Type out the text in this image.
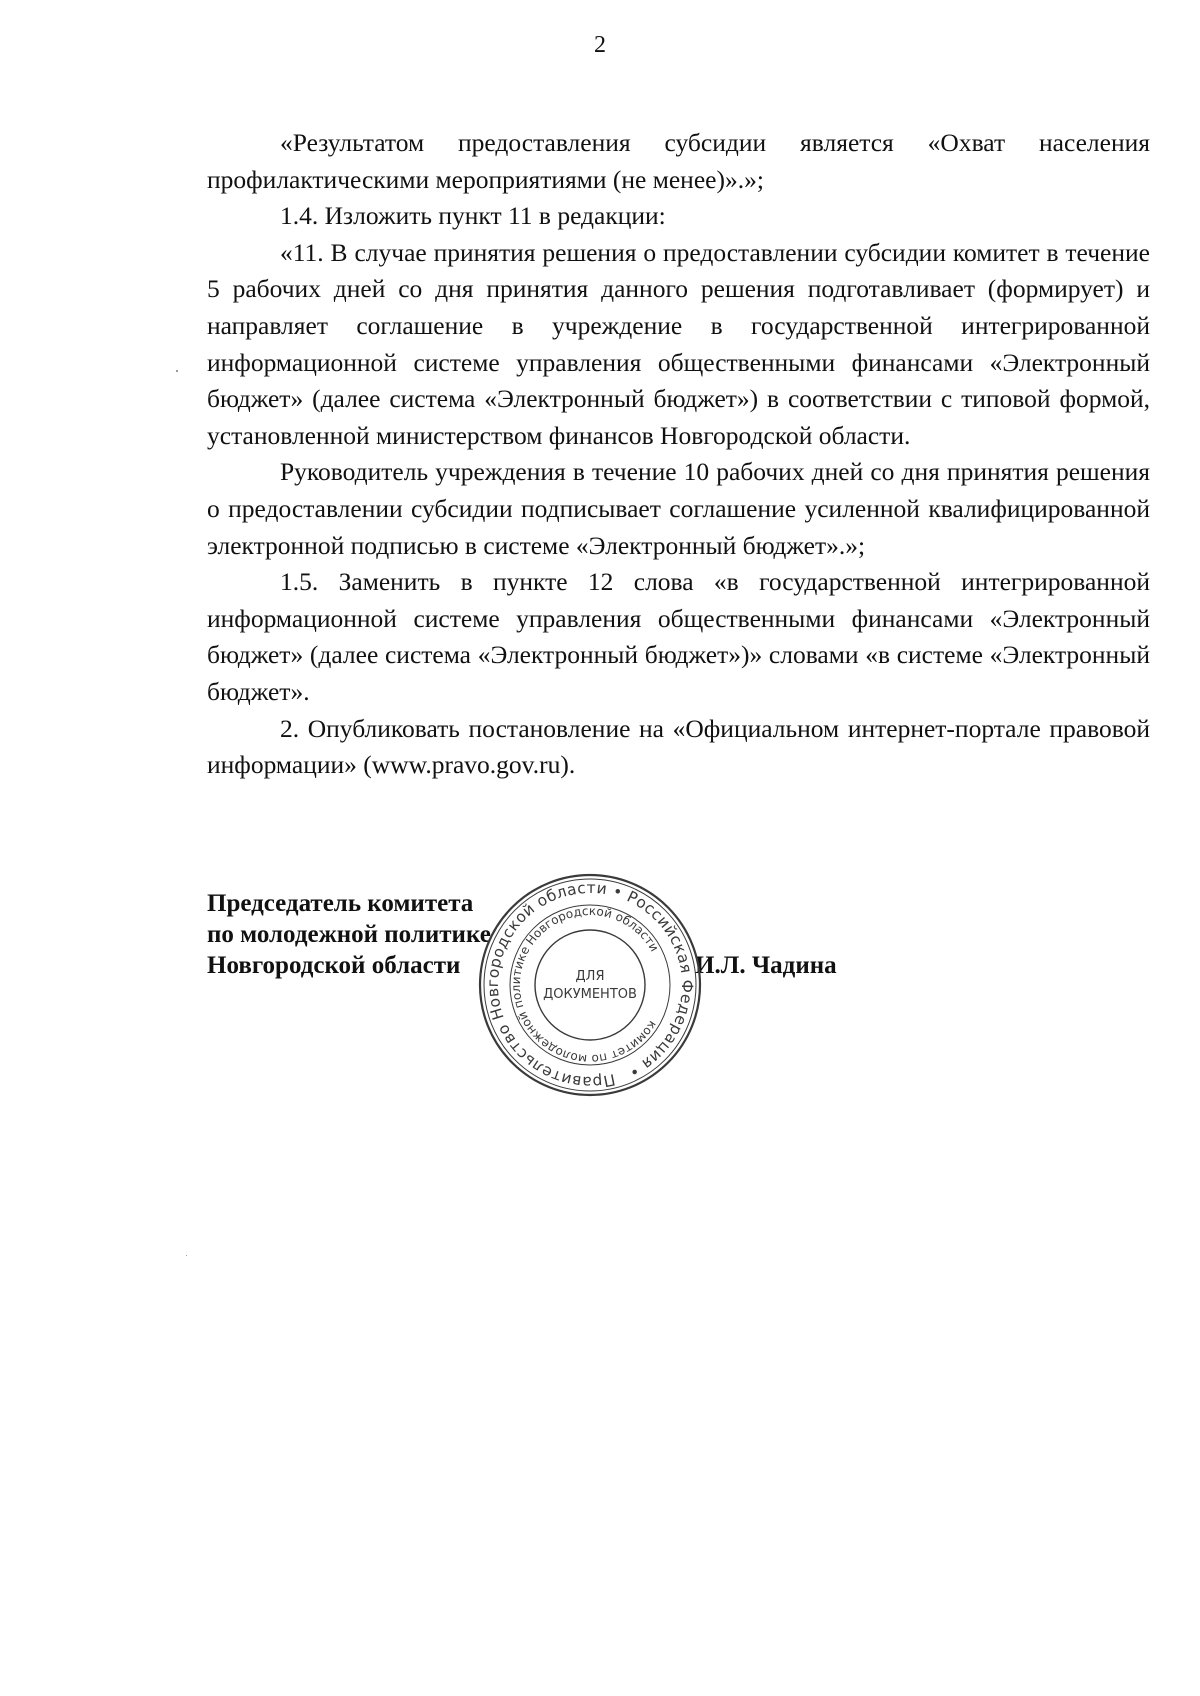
2

«Результатом предоставления субсидии является «Охват населения профилактическими мероприятиями (не менее)».»;

1.4. Изложить пункт 11 в редакции:

«11. В случае принятия решения о предоставлении субсидии комитет в течение 5 рабочих дней со дня принятия данного решения подготавливает (формирует) и направляет соглашение в учреждение в государственной интегрированной информационной системе управления общественными финансами «Электронный бюджет» (далее система «Электронный бюджет») в соответствии с типовой формой, установленной министерством финансов Новгородской области.

Руководитель учреждения в течение 10 рабочих дней со дня принятия решения о предоставлении субсидии подписывает соглашение усиленной квалифицированной электронной подписью в системе «Электронный бюджет».»;

1.5. Заменить в пункте 12 слова «в государственной интегрированной информационной системе управления общественными финансами «Электронный бюджет» (далее система «Электронный бюджет»)» словами «в системе «Электронный бюджет».

2. Опубликовать постановление на «Официальном интернет-портале правовой информации» (www.pravo.gov.ru).

Председатель комитета
по молодежной политике
Новгородской области	И.Л. Чадина
Правительство Новгородской области • Российская Федерация •
комитет по молодежной политике Новгородской области
ДЛЯ
ДОКУМЕНТОВ
